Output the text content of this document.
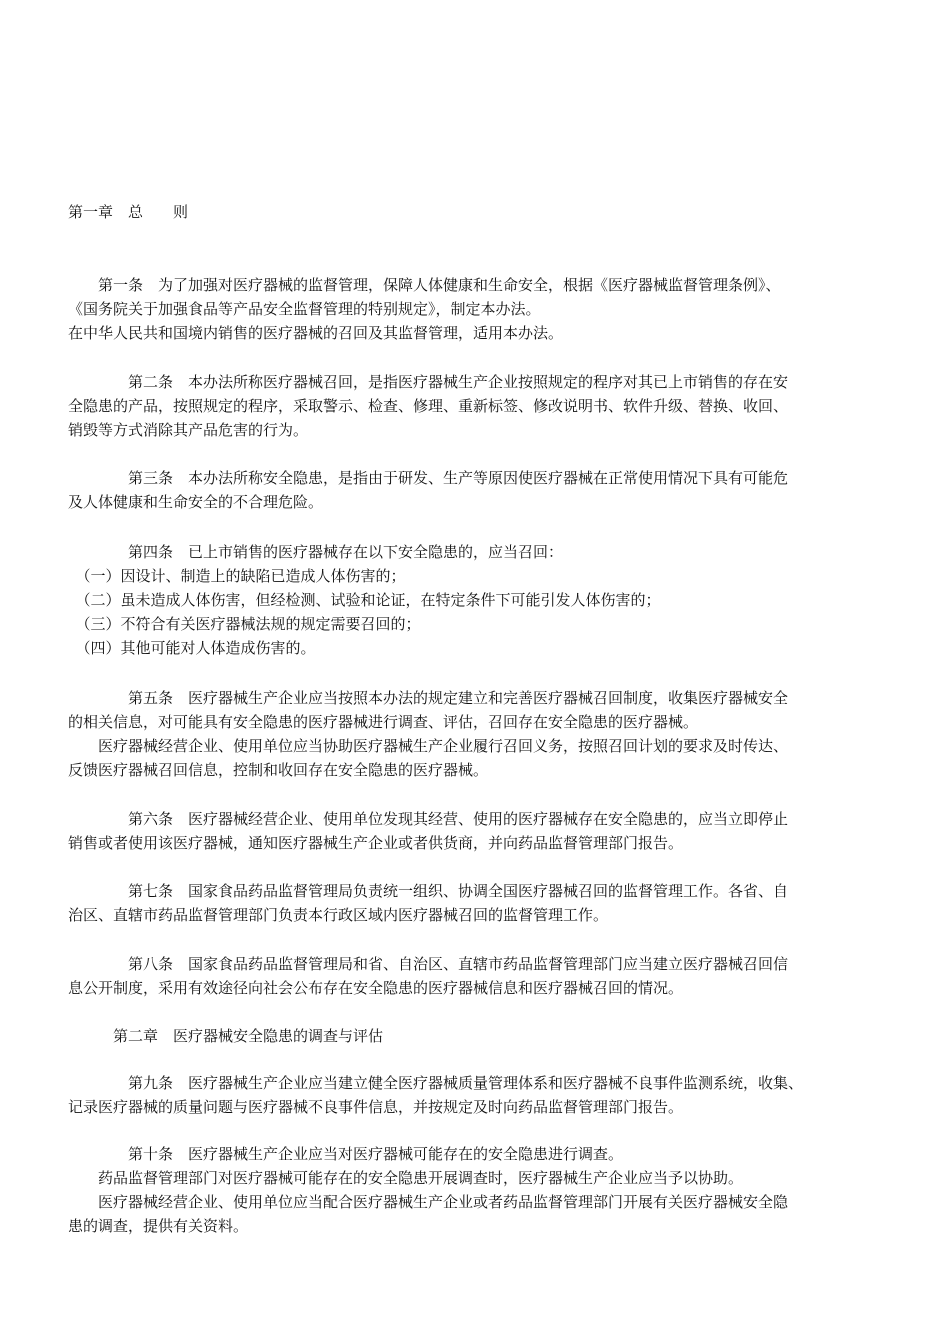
第一章　总　　则
　　第一条　为了加强对医疗器械的监督管理，保障人体健康和生命安全，根据《医疗器械监督管理条例》、
《国务院关于加强食品等产品安全监督管理的特别规定》，制定本办法。
在中华人民共和国境内销售的医疗器械的召回及其监督管理，适用本办法。
　　　　第二条　本办法所称医疗器械召回，是指医疗器械生产企业按照规定的程序对其已上市销售的存在安
全隐患的产品，按照规定的程序，采取警示、检查、修理、重新标签、修改说明书、软件升级、替换、收回、
销毁等方式消除其产品危害的行为。
　　　　第三条　本办法所称安全隐患，是指由于研发、生产等原因使医疗器械在正常使用情况下具有可能危
及人体健康和生命安全的不合理危险。
　　　　第四条　已上市销售的医疗器械存在以下安全隐患的，应当召回：
　（一）因设计、制造上的缺陷已造成人体伤害的；
　（二）虽未造成人体伤害，但经检测、试验和论证，在特定条件下可能引发人体伤害的；
　（三）不符合有关医疗器械法规的规定需要召回的；
　（四）其他可能对人体造成伤害的。
　　　　第五条　医疗器械生产企业应当按照本办法的规定建立和完善医疗器械召回制度，收集医疗器械安全
的相关信息，对可能具有安全隐患的医疗器械进行调查、评估，召回存在安全隐患的医疗器械。
　　医疗器械经营企业、使用单位应当协助医疗器械生产企业履行召回义务，按照召回计划的要求及时传达、
反馈医疗器械召回信息，控制和收回存在安全隐患的医疗器械。
　　　　第六条　医疗器械经营企业、使用单位发现其经营、使用的医疗器械存在安全隐患的，应当立即停止
销售或者使用该医疗器械，通知医疗器械生产企业或者供货商，并向药品监督管理部门报告。
　　　　第七条　国家食品药品监督管理局负责统一组织、协调全国医疗器械召回的监督管理工作。各省、自
治区、直辖市药品监督管理部门负责本行政区域内医疗器械召回的监督管理工作。
　　　　第八条　国家食品药品监督管理局和省、自治区、直辖市药品监督管理部门应当建立医疗器械召回信
息公开制度，采用有效途径向社会公布存在安全隐患的医疗器械信息和医疗器械召回的情况。
　　　第二章　医疗器械安全隐患的调查与评估
　　　　第九条　医疗器械生产企业应当建立健全医疗器械质量管理体系和医疗器械不良事件监测系统，收集、
记录医疗器械的质量问题与医疗器械不良事件信息，并按规定及时向药品监督管理部门报告。
　　　　第十条　医疗器械生产企业应当对医疗器械可能存在的安全隐患进行调查。
　　药品监督管理部门对医疗器械可能存在的安全隐患开展调查时，医疗器械生产企业应当予以协助。
　　医疗器械经营企业、使用单位应当配合医疗器械生产企业或者药品监督管理部门开展有关医疗器械安全隐
患的调查，提供有关资料。
